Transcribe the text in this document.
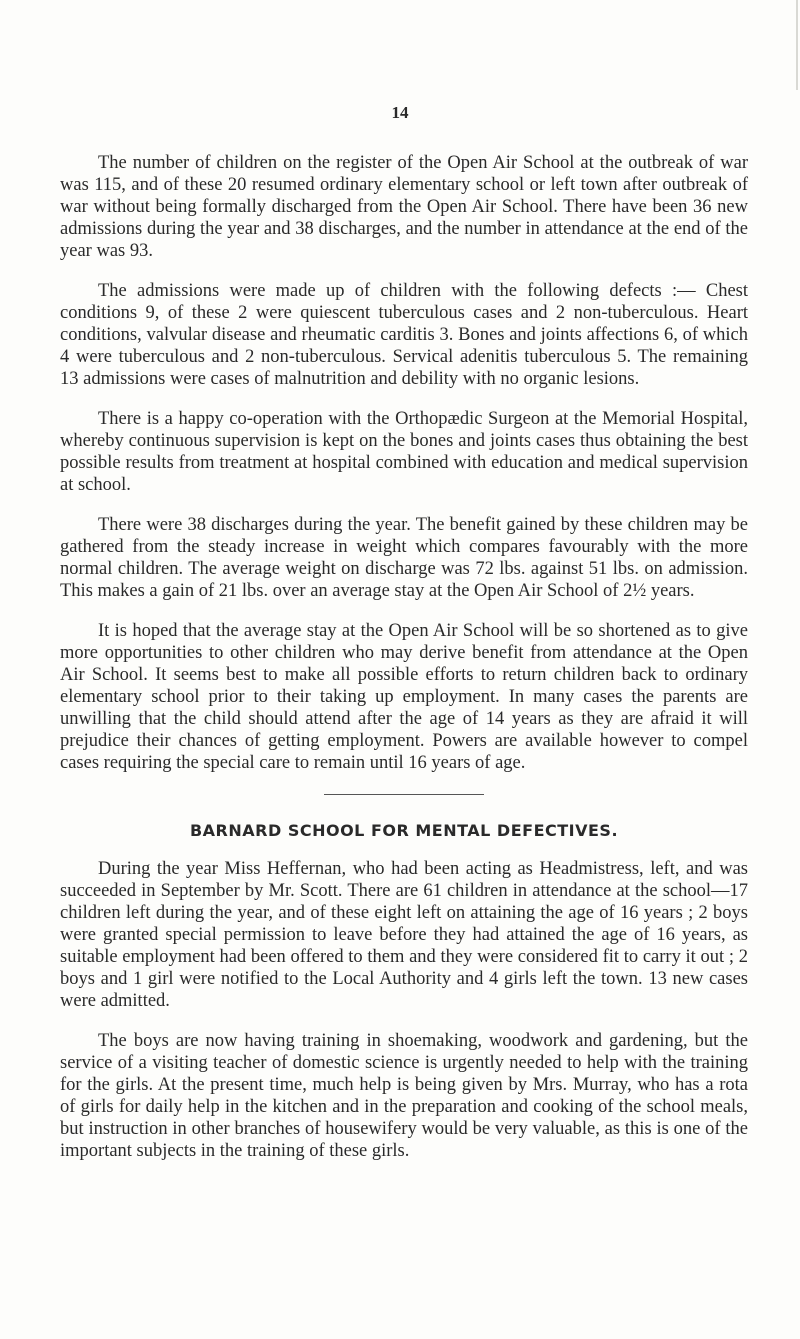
14

The number of children on the register of the Open Air School at the outbreak of war was 115, and of these 20 resumed ordinary elementary school or left town after outbreak of war without being formally discharged from the Open Air School. There have been 36 new admissions during the year and 38 discharges, and the number in attendance at the end of the year was 93.

The admissions were made up of children with the following defects :— Chest conditions 9, of these 2 were quiescent tuberculous cases and 2 non-tuberculous. Heart conditions, valvular disease and rheumatic carditis 3. Bones and joints affections 6, of which 4 were tuberculous and 2 non-tuberculous. Servical adenitis tuberculous 5. The remaining 13 admissions were cases of malnutrition and debility with no organic lesions.

There is a happy co-operation with the Orthopædic Surgeon at the Memorial Hospital, whereby continuous supervision is kept on the bones and joints cases thus obtaining the best possible results from treatment at hospital combined with education and medical supervision at school.

There were 38 discharges during the year. The benefit gained by these children may be gathered from the steady increase in weight which compares favourably with the more normal children. The average weight on discharge was 72 lbs. against 51 lbs. on admission. This makes a gain of 21 lbs. over an average stay at the Open Air School of 2½ years.

It is hoped that the average stay at the Open Air School will be so shortened as to give more opportunities to other children who may derive benefit from attendance at the Open Air School. It seems best to make all possible efforts to return children back to ordinary elementary school prior to their taking up employment. In many cases the parents are unwilling that the child should attend after the age of 14 years as they are afraid it will prejudice their chances of getting employment. Powers are available however to compel cases requiring the special care to remain until 16 years of age.

BARNARD SCHOOL FOR MENTAL DEFECTIVES.

During the year Miss Heffernan, who had been acting as Headmistress, left, and was succeeded in September by Mr. Scott. There are 61 children in attendance at the school—17 children left during the year, and of these eight left on attaining the age of 16 years ; 2 boys were granted special permission to leave before they had attained the age of 16 years, as suitable employment had been offered to them and they were considered fit to carry it out ; 2 boys and 1 girl were notified to the Local Authority and 4 girls left the town. 13 new cases were admitted.

The boys are now having training in shoemaking, woodwork and gardening, but the service of a visiting teacher of domestic science is urgently needed to help with the training for the girls. At the present time, much help is being given by Mrs. Murray, who has a rota of girls for daily help in the kitchen and in the preparation and cooking of the school meals, but instruction in other branches of housewifery would be very valuable, as this is one of the important subjects in the training of these girls.
